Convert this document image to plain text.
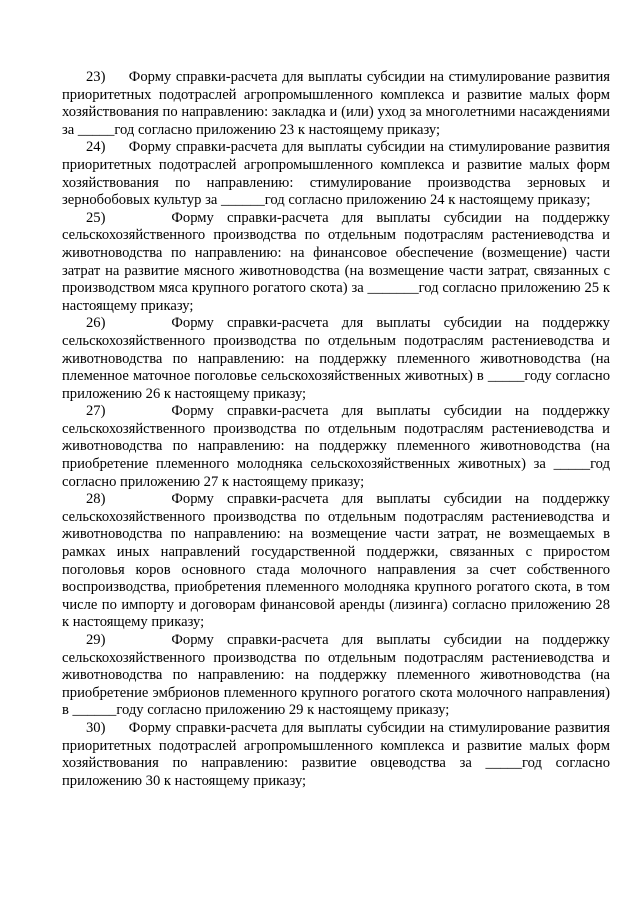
23) Форму справки-расчета для выплаты субсидии на стимулирование развития приоритетных подотраслей агропромышленного комплекса и развитие малых форм хозяйствования по направлению: закладка и (или) уход за многолетними насаждениями за _____год согласно приложению 23 к настоящему приказу;

24) Форму справки-расчета для выплаты субсидии на стимулирование развития приоритетных подотраслей агропромышленного комплекса и развитие малых форм хозяйствования по направлению: стимулирование производства зерновых и зернобобовых культур за ______год согласно приложению 24 к настоящему приказу;

25)	Форму справки-расчета для выплаты субсидии на поддержку сельскохозяйственного производства по отдельным подотраслям растениеводства и животноводства по направлению: на финансовое обеспечение (возмещение) части затрат на развитие мясного животноводства (на возмещение части затрат, связанных с производством мяса крупного рогатого скота) за _______год согласно приложению 25 к настоящему приказу;

26)	Форму справки-расчета для выплаты субсидии на поддержку сельскохозяйственного производства по отдельным подотраслям растениеводства и животноводства по направлению: на поддержку племенного животноводства (на племенное маточное поголовье сельскохозяйственных животных) в _____году согласно приложению 26 к настоящему приказу;

27)	Форму справки-расчета для выплаты субсидии на поддержку сельскохозяйственного производства по отдельным подотраслям растениеводства и животноводства по направлению: на поддержку племенного животноводства (на приобретение племенного молодняка сельскохозяйственных животных) за _____год согласно приложению 27 к настоящему приказу;

28)	Форму справки-расчета для выплаты субсидии на поддержку сельскохозяйственного производства по отдельным подотраслям растениеводства и животноводства по направлению: на возмещение части затрат, не возмещаемых в рамках иных направлений государственной поддержки, связанных с приростом поголовья коров основного стада молочного направления за счет собственного воспроизводства, приобретения племенного молодняка крупного рогатого скота, в том числе по импорту и договорам финансовой аренды (лизинга) согласно приложению 28 к настоящему приказу;

29)	Форму справки-расчета для выплаты субсидии на поддержку сельскохозяйственного производства по отдельным подотраслям растениеводства и животноводства по направлению: на поддержку племенного животноводства (на приобретение эмбрионов племенного крупного рогатого скота молочного направления) в ______году согласно приложению 29 к настоящему приказу;

30) Форму справки-расчета для выплаты субсидии на стимулирование развития приоритетных подотраслей агропромышленного комплекса и развитие малых форм хозяйствования по направлению: развитие овцеводства за _____год согласно приложению 30 к настоящему приказу;
